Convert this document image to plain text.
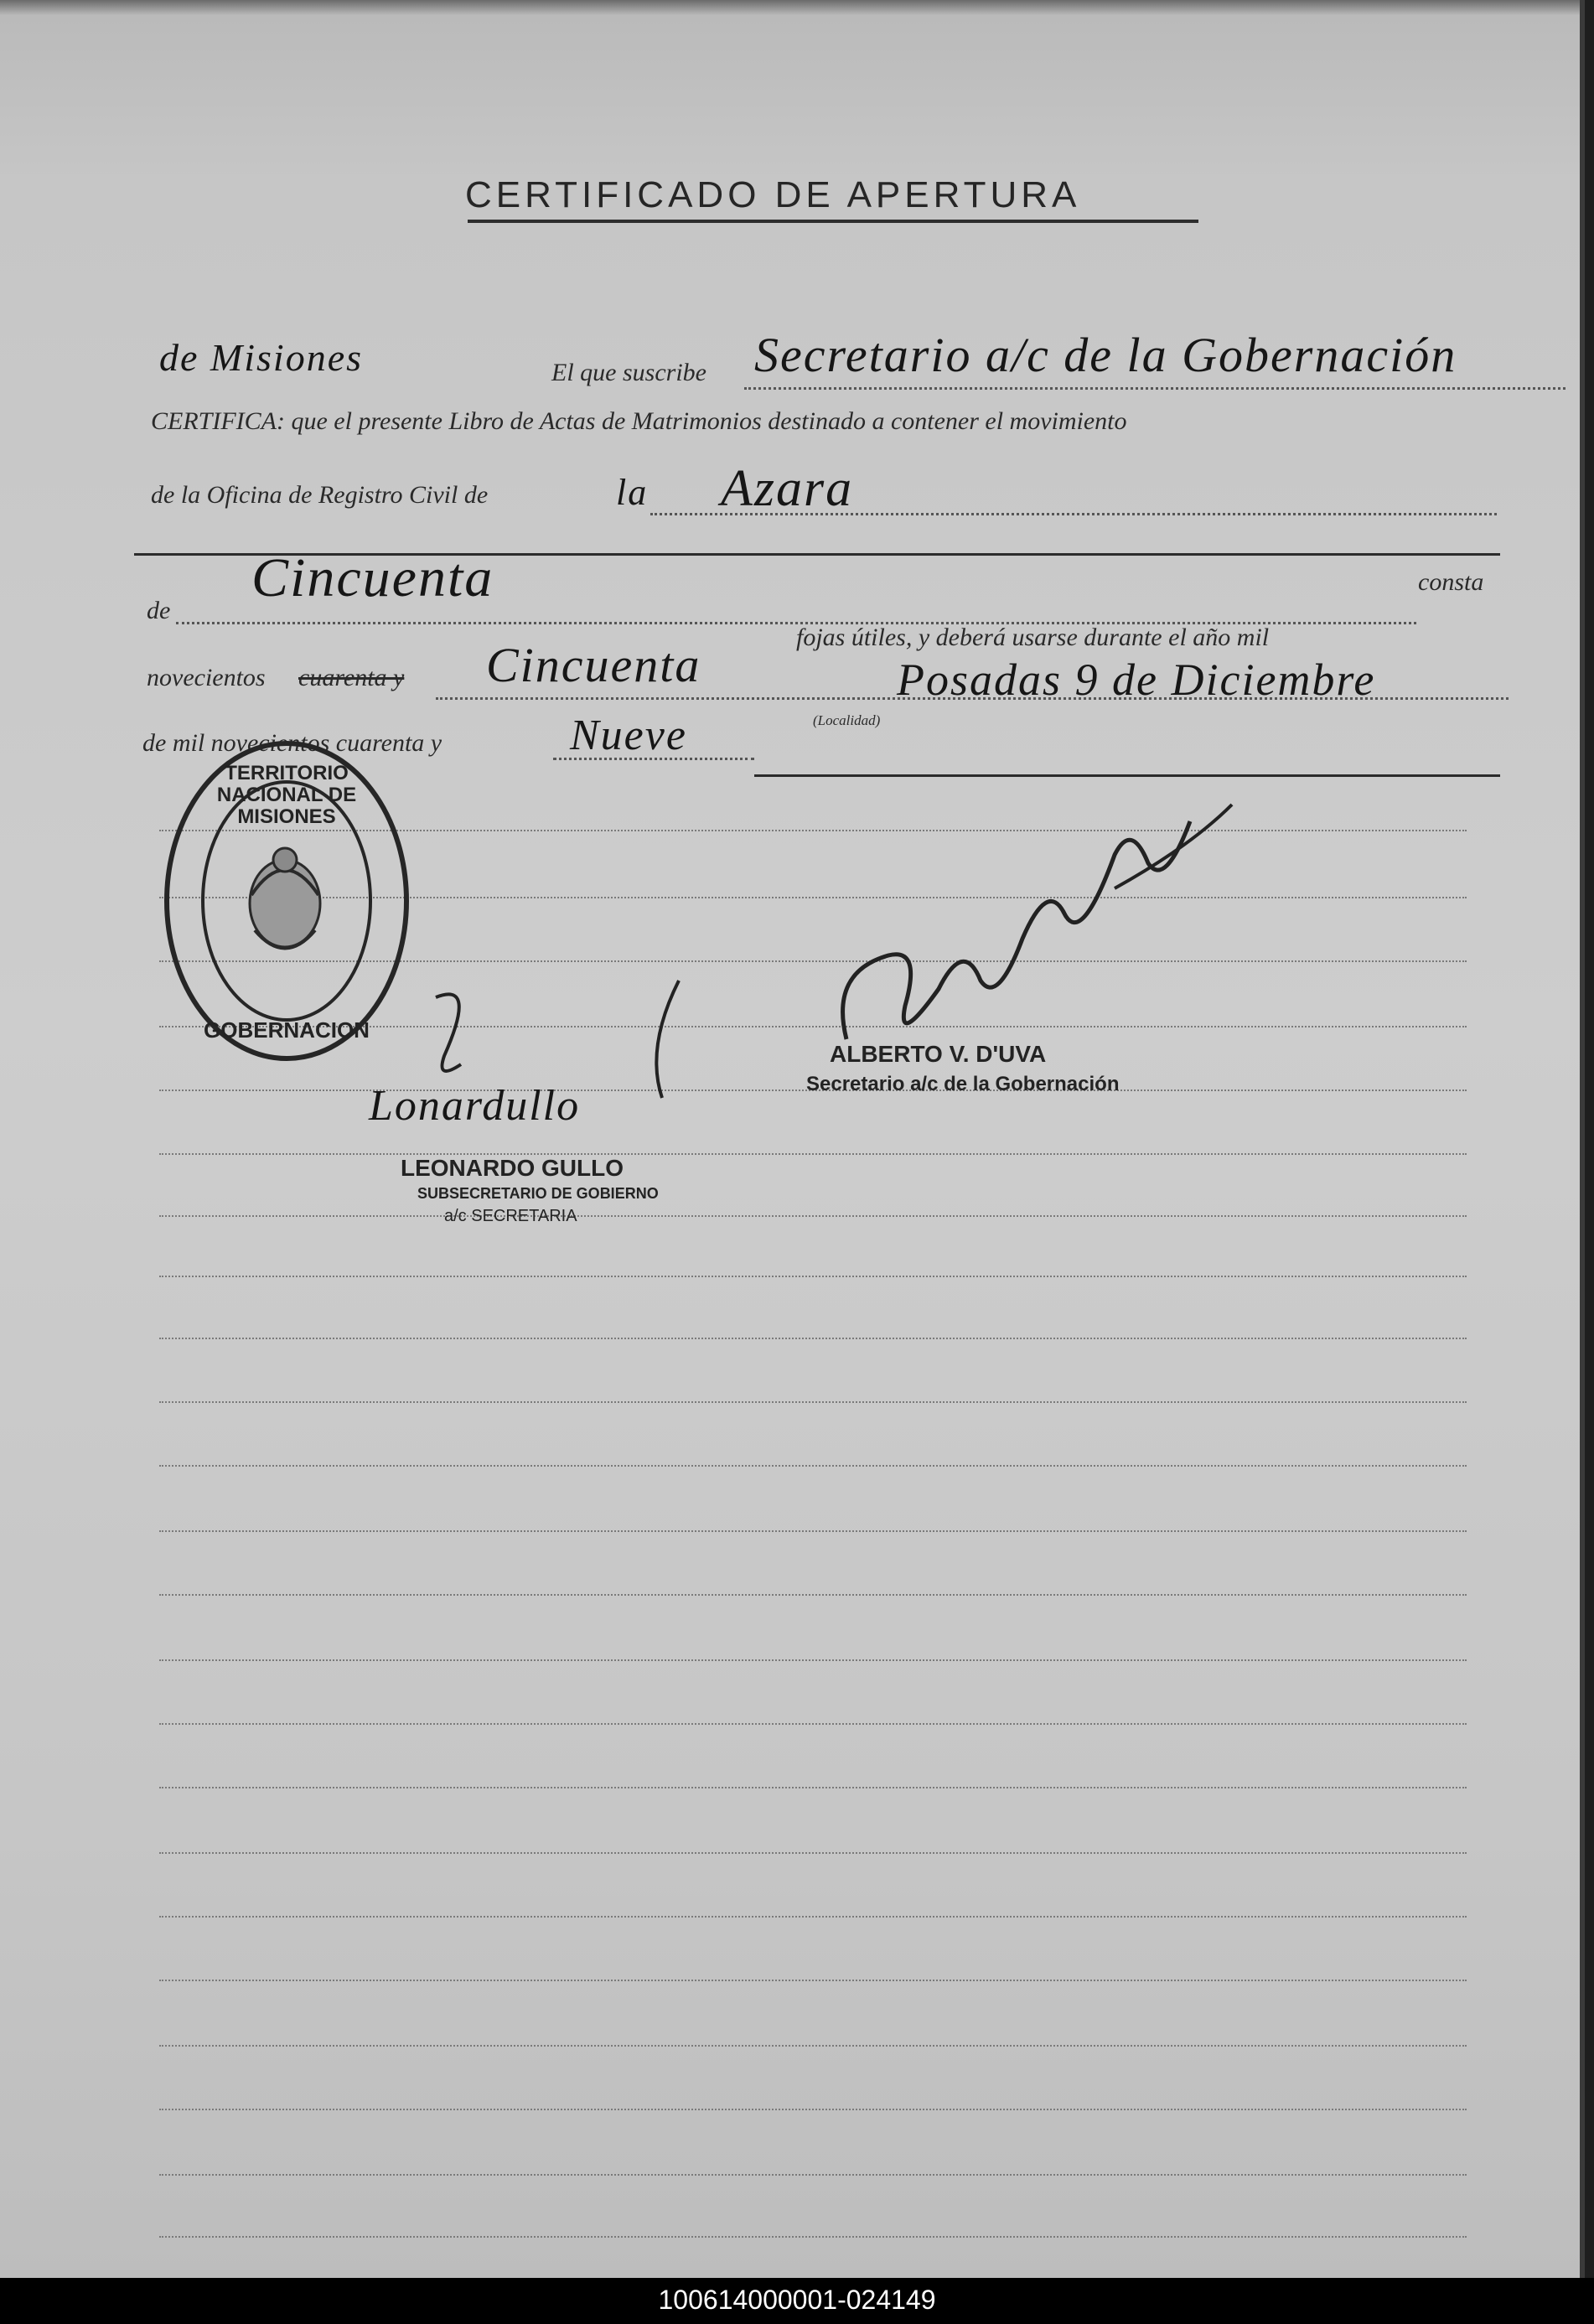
CERTIFICADO DE APERTURA
de Misiones	El que suscribe Secretario a/c de la Gobernación
CERTIFICA: que el presente Libro de Actas de Matrimonios destinado a contener el movimiento
de la Oficina de Registro Civil de	la Azara
de
Cincuenta	consta
fojas útiles, y deberá usarse durante el año mil
novecientos cuarenta y Cincuenta	Posadas 9 de Diciembre
(Localidad)
de mil novecientos cuarenta y	Nueve
TERRITORIO NACIONAL DE MISIONES
GOBERNACION
ALBERTO V. D'UVA
Secretario a/c de la Gobernación
Lonardullo
LEONARDO GULLO
SUBSECRETARIO DE GOBIERNO
a/c SECRETARIA
100614000001-024149
